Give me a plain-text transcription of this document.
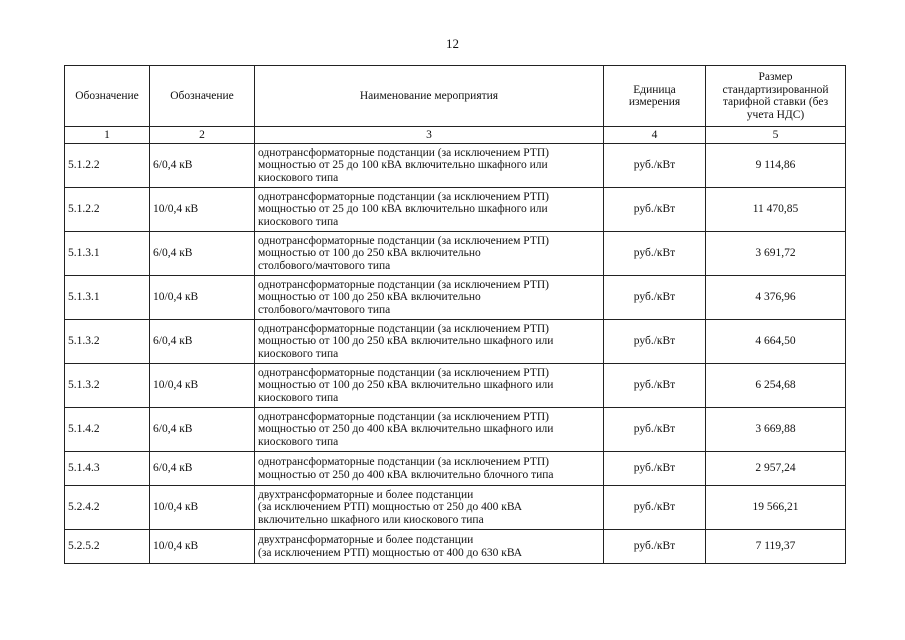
12
Обозначение	Обозначение	Наименование мероприятия	Единица измерения	Размер стандартизированной тарифной ставки (без учета НДС)
1	2	3	4	5
5.1.2.2	6/0,4 кВ	однотрансформаторные подстанции (за исключением РТП)
мощностью от 25 до 100 кВА включительно шкафного или
киоскового типа	руб./кВт	9 114,86
5.1.2.2	10/0,4 кВ	однотрансформаторные подстанции (за исключением РТП)
мощностью от 25 до 100 кВА включительно шкафного или
киоскового типа	руб./кВт	11 470,85
5.1.3.1	6/0,4 кВ	однотрансформаторные подстанции (за исключением РТП)
мощностью от 100 до 250 кВА включительно
столбового/мачтового типа	руб./кВт	3 691,72
5.1.3.1	10/0,4 кВ	однотрансформаторные подстанции (за исключением РТП)
мощностью от 100 до 250 кВА включительно
столбового/мачтового типа	руб./кВт	4 376,96
5.1.3.2	6/0,4 кВ	однотрансформаторные подстанции (за исключением РТП)
мощностью от 100 до 250 кВА включительно шкафного или
киоскового типа	руб./кВт	4 664,50
5.1.3.2	10/0,4 кВ	однотрансформаторные подстанции (за исключением РТП)
мощностью от 100 до 250 кВА включительно шкафного или
киоскового типа	руб./кВт	6 254,68
5.1.4.2	6/0,4 кВ	однотрансформаторные подстанции (за исключением РТП)
мощностью от 250 до 400 кВА включительно шкафного или
киоскового типа	руб./кВт	3 669,88
5.1.4.3	6/0,4 кВ	однотрансформаторные подстанции (за исключением РТП)
мощностью от 250 до 400 кВА включительно блочного типа	руб./кВт	2 957,24
5.2.4.2	10/0,4 кВ	двухтрансформаторные и более подстанции
(за исключением РТП) мощностью от 250 до 400 кВА
включительно шкафного или киоскового типа	руб./кВт	19 566,21
5.2.5.2	10/0,4 кВ	двухтрансформаторные и более подстанции
(за исключением РТП) мощностью от 400 до 630 кВА	руб./кВт	7 119,37
